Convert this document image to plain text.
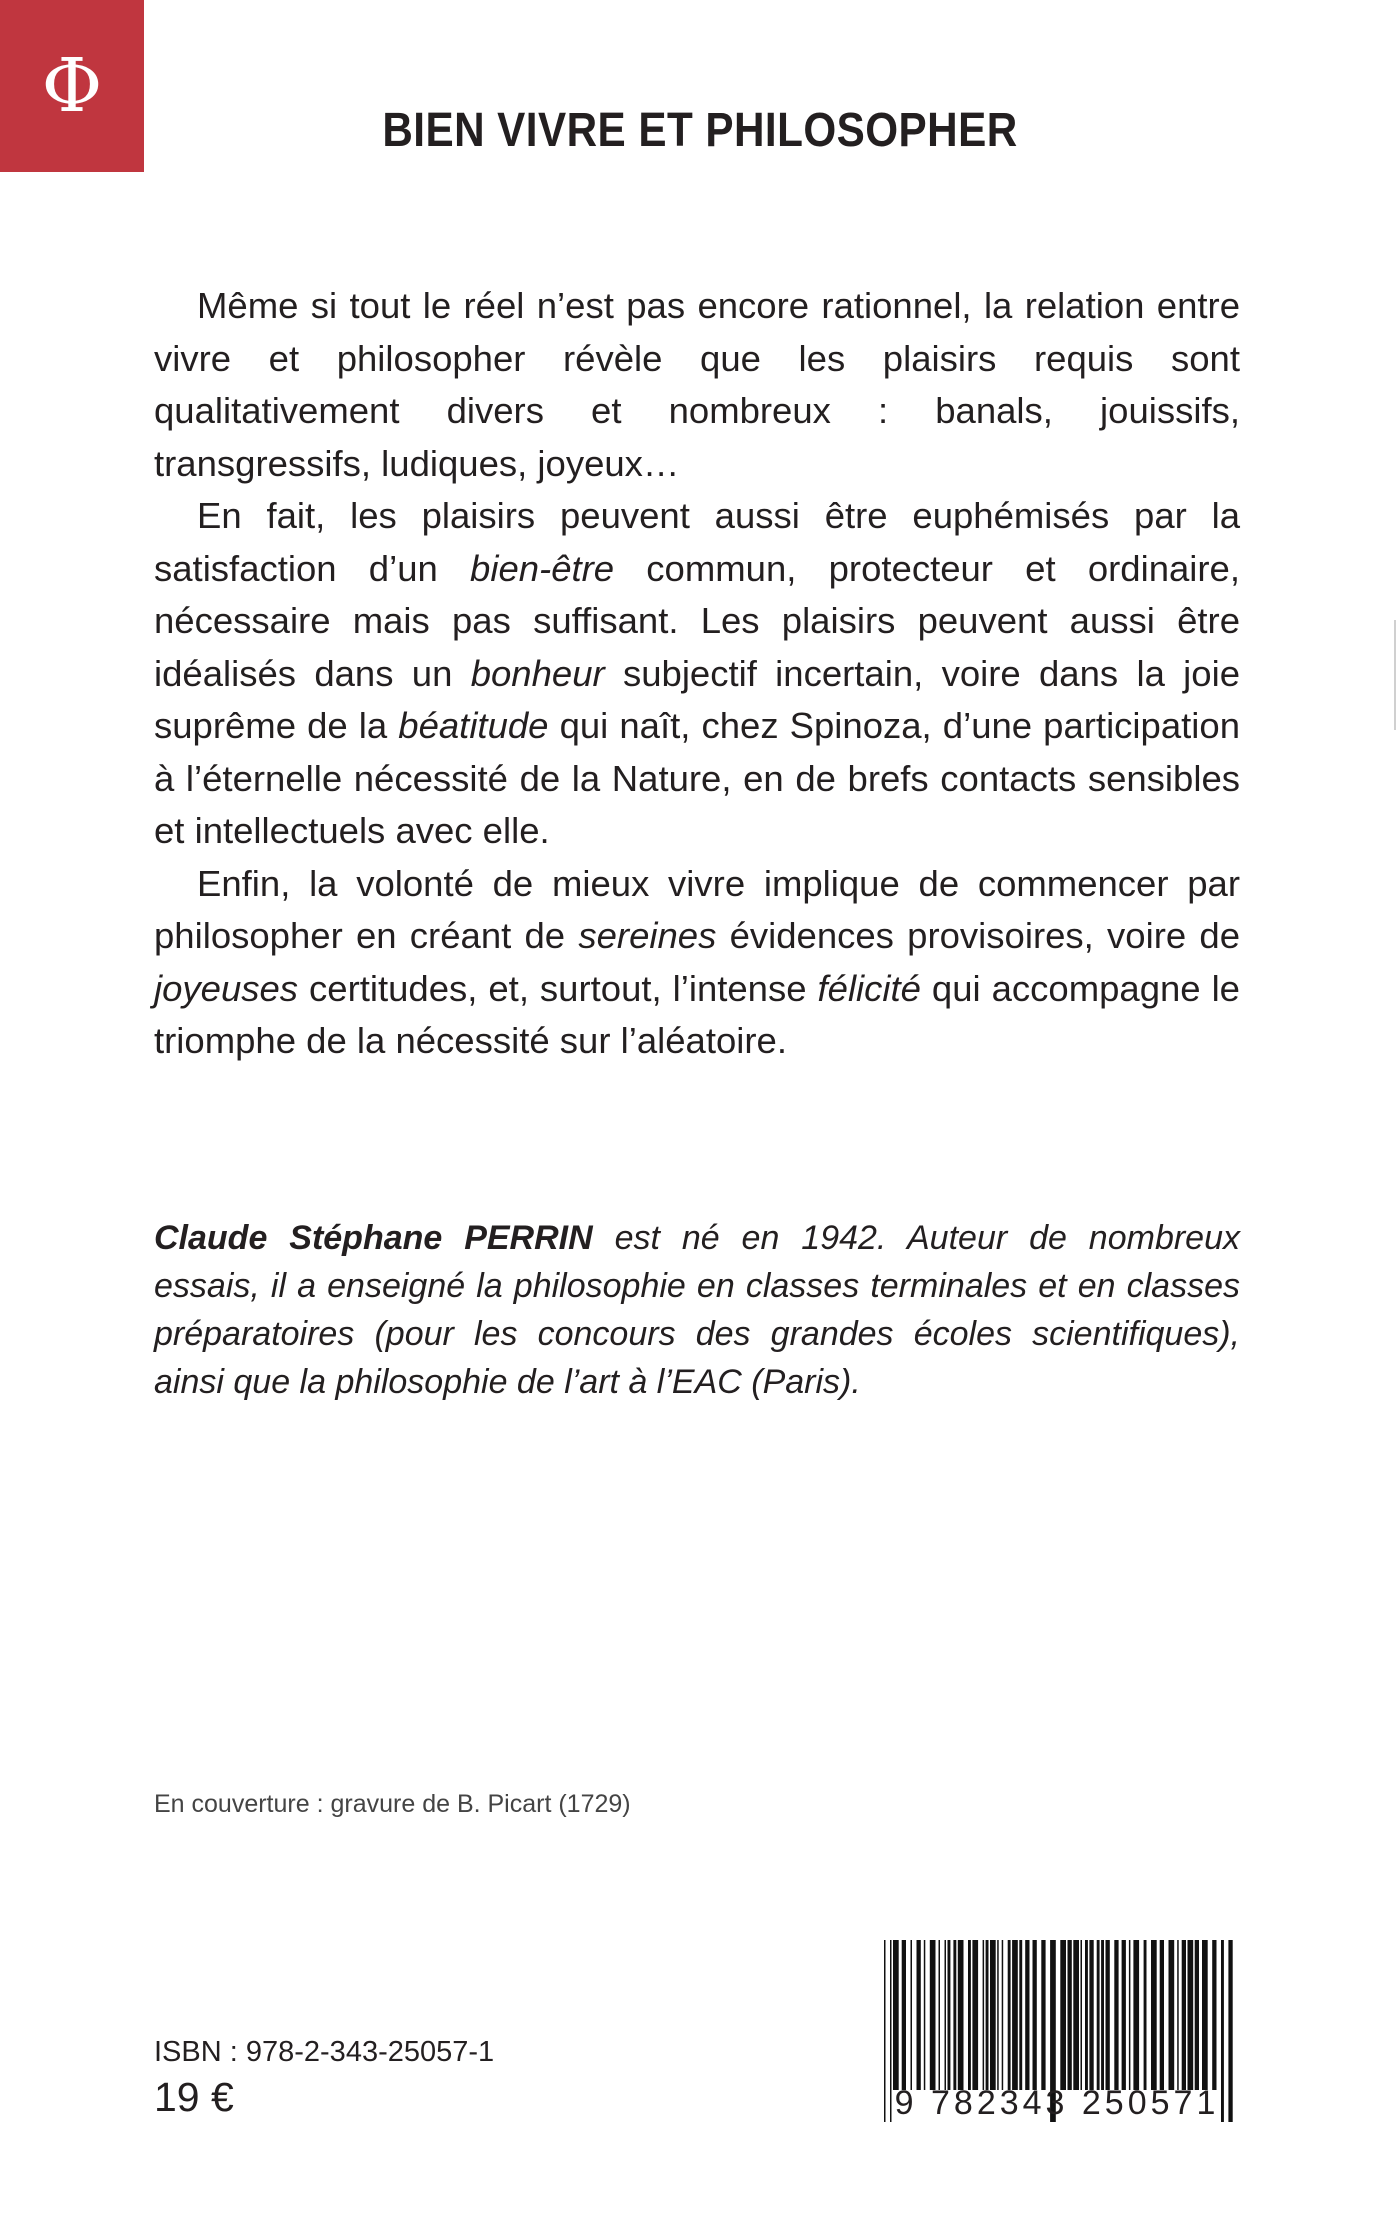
Φ
BIEN VIVRE ET PHILOSOPHER

Même si tout le réel n’est pas encore rationnel, la relation entre vivre et philosopher révèle que les plaisirs requis sont qualitativement divers et nombreux : banals, jouissifs, transgressifs, ludiques, joyeux…

En fait, les plaisirs peuvent aussi être euphémisés par la satisfaction d’un bien-être commun, protecteur et ordinaire, nécessaire mais pas suffisant. Les plaisirs peuvent aussi être idéalisés dans un bonheur subjectif incertain, voire dans la joie suprême de la béatitude qui naît, chez Spinoza, d’une participation à l’éternelle nécessité de la Nature, en de brefs contacts sensibles et intellectuels avec elle.

Enfin, la volonté de mieux vivre implique de commencer par philosopher en créant de sereines évidences provisoires, voire de joyeuses certitudes, et, surtout, l’intense félicité qui accompagne le triomphe de la nécessité sur l’aléatoire.

Claude Stéphane PERRIN est né en 1942. Auteur de nombreux essais, il a enseigné la philosophie en classes terminales et en classes préparatoires (pour les concours des grandes écoles scientifiques), ainsi que la philosophie de l’art à l’EAC (Paris).
En couverture : gravure de B. Picart (1729)
ISBN : 978-2-343-25057-1
19 €	9 782343 250571
